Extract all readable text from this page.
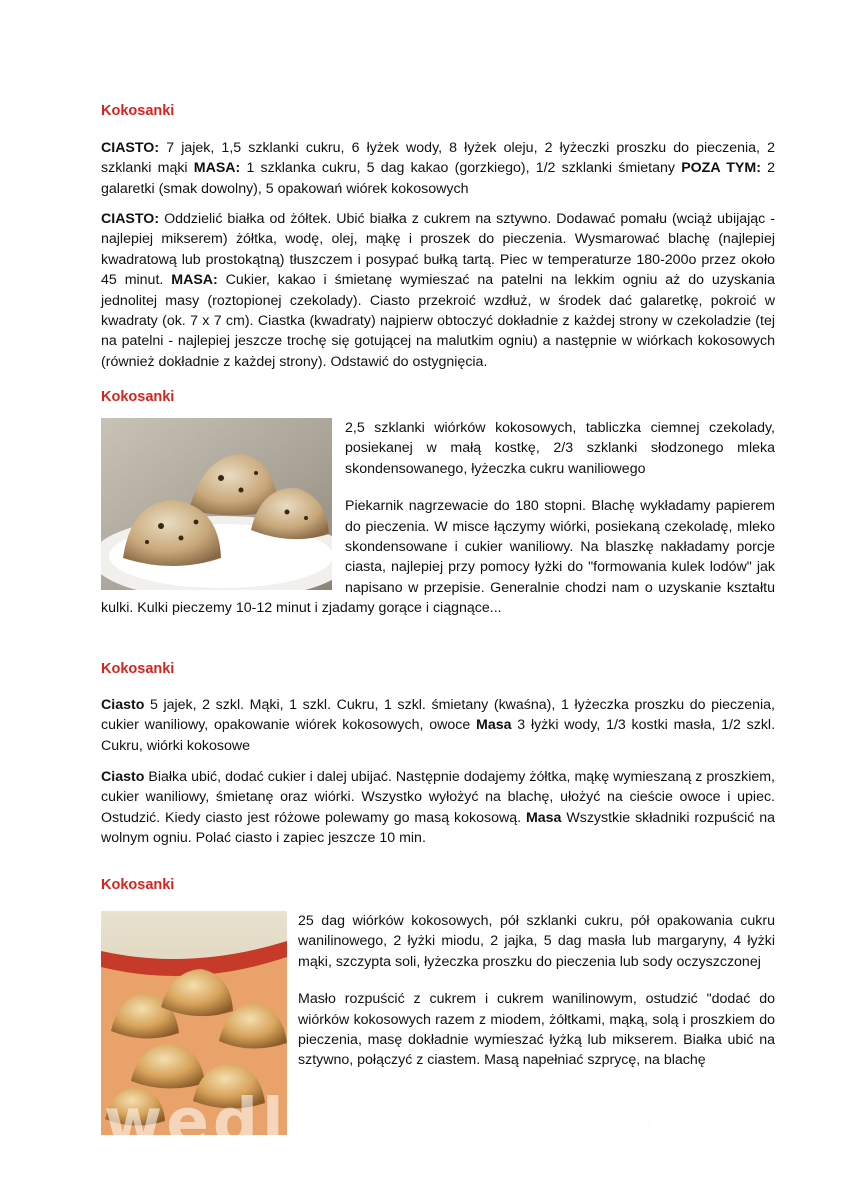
Kokosanki

CIASTO: 7 jajek, 1,5 szklanki cukru, 6 łyżek wody, 8 łyżek oleju, 2 łyżeczki proszku do pieczenia, 2 szklanki mąki MASA: 1 szklanka cukru, 5 dag kakao (gorzkiego), 1/2 szklanki śmietany POZA TYM: 2 galaretki (smak dowolny), 5 opakowań wiórek kokosowych

CIASTO: Oddzielić białka od żółtek. Ubić białka z cukrem na sztywno. Dodawać pomału (wciąż ubijając - najlepiej mikserem) żółtka, wodę, olej, mąkę i proszek do pieczenia. Wysmarować blachę (najlepiej kwadratową lub prostokątną) tłuszczem i posypać bułką tartą. Piec w temperaturze 180-200o przez około 45 minut. MASA: Cukier, kakao i śmietanę wymieszać na patelni na lekkim ogniu aż do uzyskania jednolitej masy (roztopionej czekolady). Ciasto przekroić wzdłuż, w środek dać galaretkę, pokroić w kwadraty (ok. 7 x 7 cm). Ciastka (kwadraty) najpierw obtoczyć dokładnie z każdej strony w czekoladzie (tej na patelni - najlepiej jeszcze trochę się gotującej na malutkim ogniu) a następnie w wiórkach kokosowych (również dokładnie z każdej strony). Odstawić do ostygnięcia.

Kokosanki

2,5 szklanki wiórków kokosowych, tabliczka ciemnej czekolady, posiekanej w małą kostkę, 2/3 szklanki słodzonego mleka skondensowanego, łyżeczka cukru waniliowego

Piekarnik nagrzewacie do 180 stopni. Blachę wykładamy papierem do pieczenia. W misce łączymy wiórki, posiekaną czekoladę, mleko skondensowane i cukier waniliowy. Na blaszkę nakładamy porcje ciasta, najlepiej przy pomocy łyżki do "formowania kulek lodów" jak napisano w przepisie. Generalnie chodzi nam o uzyskanie kształtu kulki. Kulki pieczemy 10-12 minut i zjadamy gorące i ciągnące...

Kokosanki

Ciasto 5 jajek, 2 szkl. Mąki, 1 szkl. Cukru, 1 szkl. śmietany (kwaśna), 1 łyżeczka proszku do pieczenia, cukier waniliowy, opakowanie wiórek kokosowych, owoce Masa 3 łyżki wody, 1/3 kostki masła, 1/2 szkl. Cukru, wiórki kokosowe

Ciasto Białka ubić, dodać cukier i dalej ubijać. Następnie dodajemy żółtka, mąkę wymieszaną z proszkiem, cukier waniliowy, śmietanę oraz wiórki. Wszystko wyłożyć na blachę, ułożyć na cieście owoce i upiec. Ostudzić. Kiedy ciasto jest różowe polewamy go masą kokosową. Masa Wszystkie składniki rozpuścić na wolnym ogniu. Polać ciasto i zapiec jeszcze 10 min.

Kokosanki

25 dag wiórków kokosowych, pół szklanki cukru, pół opakowania cukru wanilinowego, 2 łyżki miodu, 2 jajka, 5 dag masła lub margaryny, 4 łyżki mąki, szczypta soli, łyżeczka proszku do pieczenia lub sody oczyszczonej

Masło rozpuścić z cukrem i cukrem wanilinowym, ostudzić "dodać do wiórków kokosowych razem z miodem, żółtkami, mąką, solą i proszkiem do pieczenia, masę dokładnie wymieszać łyżką lub mikserem. Białka ubić na sztywno, połączyć z ciastem. Masą napełniać szprycę, na blachę

wedlinydomowe.pl
